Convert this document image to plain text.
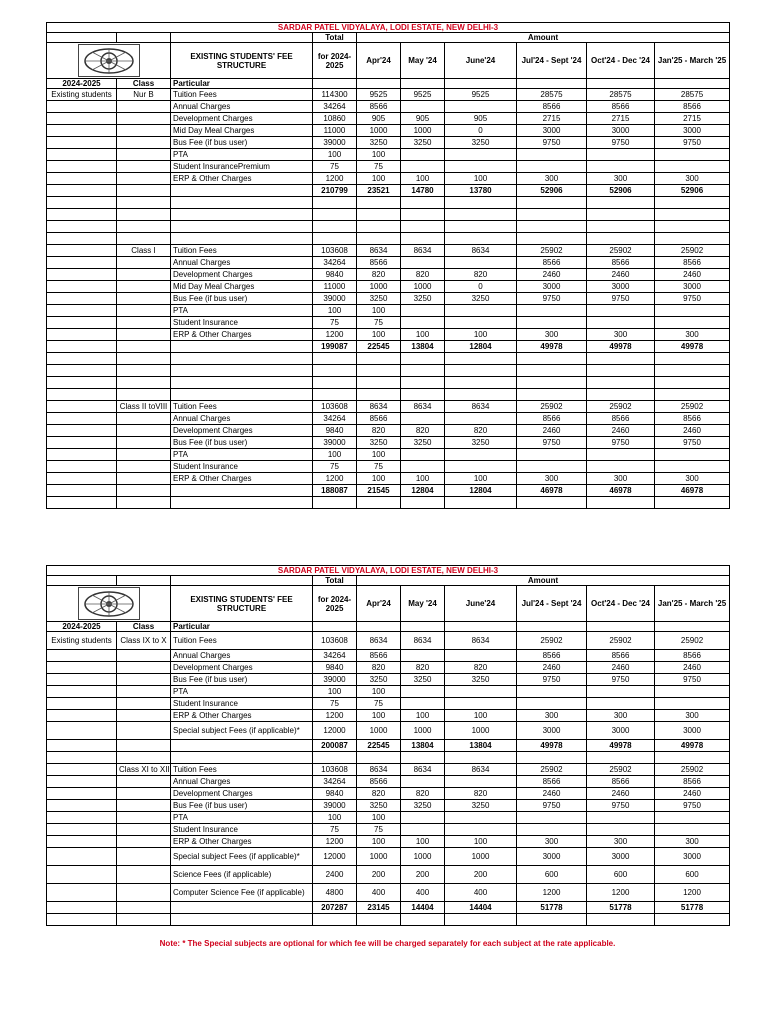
SARDAR PATEL VIDYALAYA, LODI ESTATE, NEW DELHI-3									
			Total	Amount					

	EXISTING STUDENTS' FEE STRUCTURE	for 2024-2025	Apr'24	May '24	June'24	Jul'24 - Sept '24	Oct'24 - Dec '24	Jan'25 - March '25
2024-2025	Class	Particular							
Existing students	Nur B	Tuition Fees	114300	9525	9525	9525	28575	28575	28575
		Annual Charges	34264	8566			8566	8566	8566
		Development Charges	10860	905	905	905	2715	2715	2715
		Mid Day Meal Charges	11000	1000	1000	0	3000	3000	3000
		Bus Fee (if bus user)	39000	3250	3250	3250	9750	9750	9750
		PTA	100	100					
		Student InsurancePremium	75	75					
		ERP & Other Charges	1200	100	100	100	300	300	300
			210799	23521	14780	13780	52906	52906	52906

	Class I	Tuition Fees	103608	8634	8634	8634	25902	25902	25902
		Annual Charges	34264	8566			8566	8566	8566
		Development Charges	9840	820	820	820	2460	2460	2460
		Mid Day Meal Charges	11000	1000	1000	0	3000	3000	3000
		Bus Fee (if bus user)	39000	3250	3250	3250	9750	9750	9750
		PTA	100	100					
		Student Insurance	75	75					
		ERP & Other Charges	1200	100	100	100	300	300	300
			199087	22545	13804	12804	49978	49978	49978

	Class II toVIII	Tuition Fees	103608	8634	8634	8634	25902	25902	25902
		Annual Charges	34264	8566			8566	8566	8566
		Development Charges	9840	820	820	820	2460	2460	2460
		Bus Fee (if bus user)	39000	3250	3250	3250	9750	9750	9750
		PTA	100	100					
		Student Insurance	75	75					
		ERP & Other Charges	1200	100	100	100	300	300	300
			188087	21545	12804	12804	46978	46978	46978

SARDAR PATEL VIDYALAYA, LODI ESTATE, NEW DELHI-3									
			Total	Amount					

	EXISTING STUDENTS' FEE STRUCTURE	for 2024-2025	Apr'24	May '24	June'24	Jul'24 - Sept '24	Oct'24 - Dec '24	Jan'25 - March '25
2024-2025	Class	Particular							
Existing students	Class IX to X	Tuition Fees	103608	8634	8634	8634	25902	25902	25902
		Annual Charges	34264	8566			8566	8566	8566
		Development Charges	9840	820	820	820	2460	2460	2460
		Bus Fee (if bus user)	39000	3250	3250	3250	9750	9750	9750
		PTA	100	100					
		Student Insurance	75	75					
		ERP & Other Charges	1200	100	100	100	300	300	300
		Special subject Fees (if applicable)*	12000	1000	1000	1000	3000	3000	3000
			200087	22545	13804	13804	49978	49978	49978

	Class XI to XII	Tuition Fees	103608	8634	8634	8634	25902	25902	25902
		Annual Charges	34264	8566			8566	8566	8566
		Development Charges	9840	820	820	820	2460	2460	2460
		Bus Fee (if bus user)	39000	3250	3250	3250	9750	9750	9750
		PTA	100	100					
		Student Insurance	75	75					
		ERP & Other Charges	1200	100	100	100	300	300	300
		Special subject Fees (if applicable)*	12000	1000	1000	1000	3000	3000	3000
		Science Fees (if applicable)	2400	200	200	200	600	600	600
		Computer Science Fee (if applicable)	4800	400	400	400	1200	1200	1200
			207287	23145	14404	14404	51778	51778	51778

Note: * The Special subjects are optional for which fee will be charged separately for each subject at the rate applicable.
